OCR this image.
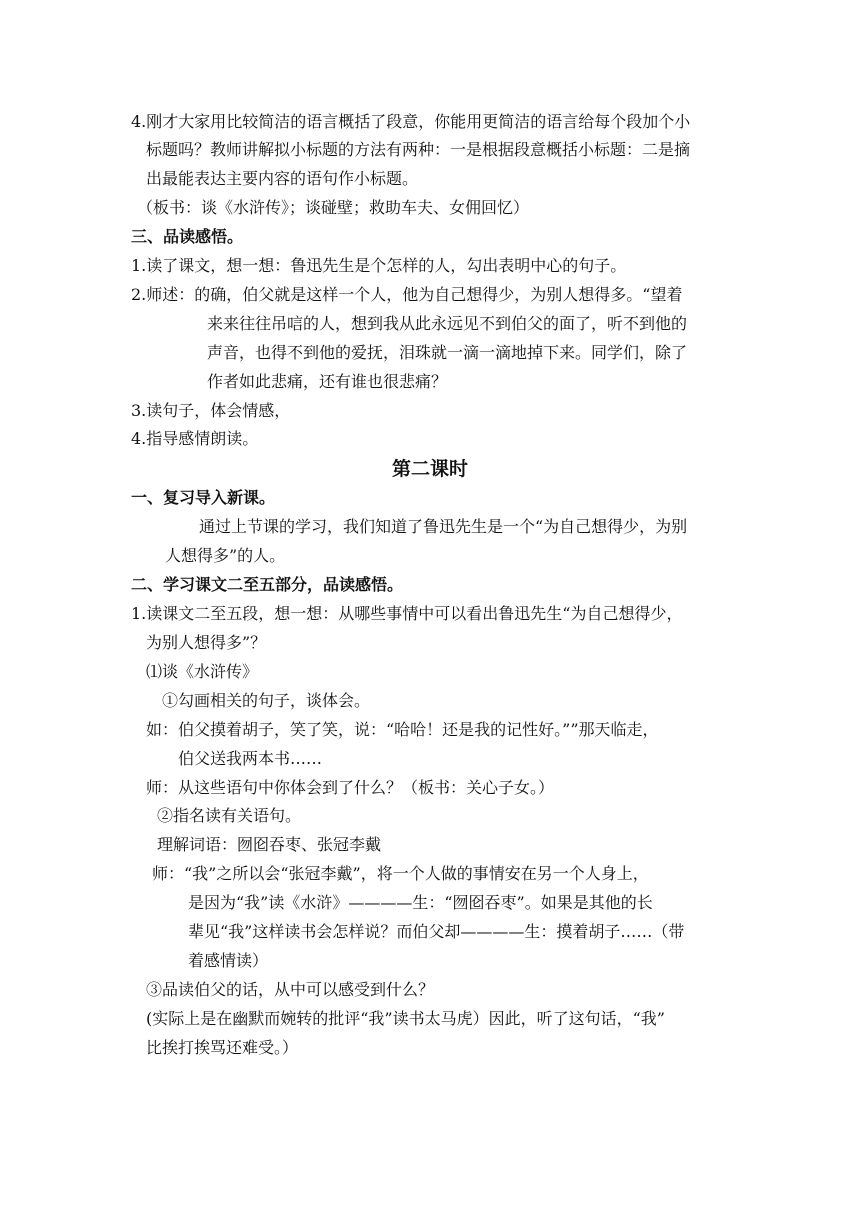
4.刚才大家用比较简洁的语言概括了段意，你能用更简洁的语言给每个段加个小
标题吗？教师讲解拟小标题的方法有两种：一是根据段意概括小标题：二是摘
出最能表达主要内容的语句作小标题。
（板书：谈《水浒传》；谈碰壁；救助车夫、女佣回忆）
三、品读感悟。
1.读了课文，想一想：鲁迅先生是个怎样的人，勾出表明中心的句子。
2.师述：的确，伯父就是这样一个人，他为自己想得少，为别人想得多。“望着
来来往往吊唁的人，想到我从此永远见不到伯父的面了，听不到他的
声音，也得不到他的爱抚，泪珠就一滴一滴地掉下来。同学们，除了
作者如此悲痛，还有谁也很悲痛？
3.读句子，体会情感，
4.指导感情朗读。
第二课时
一、复习导入新课。
通过上节课的学习，我们知道了鲁迅先生是一个“为自己想得少，为别
人想得多”的人。
二、学习课文二至五部分，品读感悟。
1.读课文二至五段，想一想：从哪些事情中可以看出鲁迅先生“为自己想得少，
为别人想得多”？
⑴谈《水浒传》
①勾画相关的句子，谈体会。
如：伯父摸着胡子，笑了笑，说：“哈哈！还是我的记性好。””那天临走，
伯父送我两本书……
师：从这些语句中你体会到了什么？（板书：关心子女。）
②指名读有关语句。
理解词语：囫囵吞枣、张冠李戴
师：“我”之所以会“张冠李戴”，将一个人做的事情安在另一个人身上，
是因为“我”读《水浒》————生：“囫囵吞枣”。如果是其他的长
辈见“我”这样读书会怎样说？而伯父却————生：摸着胡子……（带
着感情读）
③品读伯父的话，从中可以感受到什么？
(实际上是在幽默而婉转的批评“我”读书太马虎）因此，听了这句话，“我”
比挨打挨骂还难受。）
